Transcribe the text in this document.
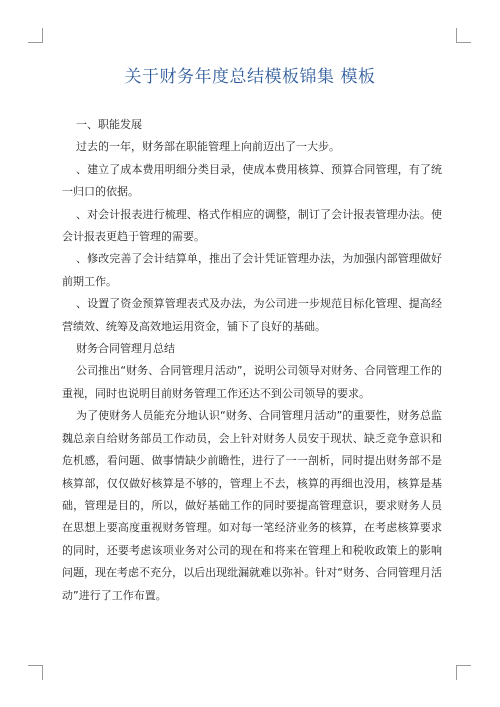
关于财务年度总结模板锦集 模板

一、职能发展

过去的一年，财务部在职能管理上向前迈出了一大步。

、建立了成本费用明细分类目录，使成本费用核算、预算合同管理，有了统一归口的依据。

、对会计报表进行梳理、格式作相应的调整，制订了会计报表管理办法。使会计报表更趋于管理的需要。

、修改完善了会计结算单，推出了会计凭证管理办法，为加强内部管理做好前期工作。

、设置了资金预算管理表式及办法，为公司进一步规范目标化管理、提高经营绩效、统筹及高效地运用资金，铺下了良好的基础。

财务合同管理月总结

公司推出“财务、合同管理月活动”，说明公司领导对财务、合同管理工作的重视，同时也说明目前财务管理工作还达不到公司领导的要求。

为了使财务人员能充分地认识“财务、合同管理月活动”的重要性，财务总监魏总亲自给财务部员工作动员，会上针对财务人员安于现状、缺乏竞争意识和危机感，看问题、做事情缺少前瞻性，进行了一一剖析，同时提出财务部不是核算部，仅仅做好核算是不够的，管理上不去，核算的再细也没用，核算是基础，管理是目的，所以，做好基础工作的同时要提高管理意识，要求财务人员在思想上要高度重视财务管理。如对每一笔经济业务的核算，在考虑核算要求的同时，还要考虑该项业务对公司的现在和将来在管理上和税收政策上的影响问题，现在考虑不充分，以后出现纰漏就难以弥补。针对“财务、合同管理月活动”进行了工作布置。
